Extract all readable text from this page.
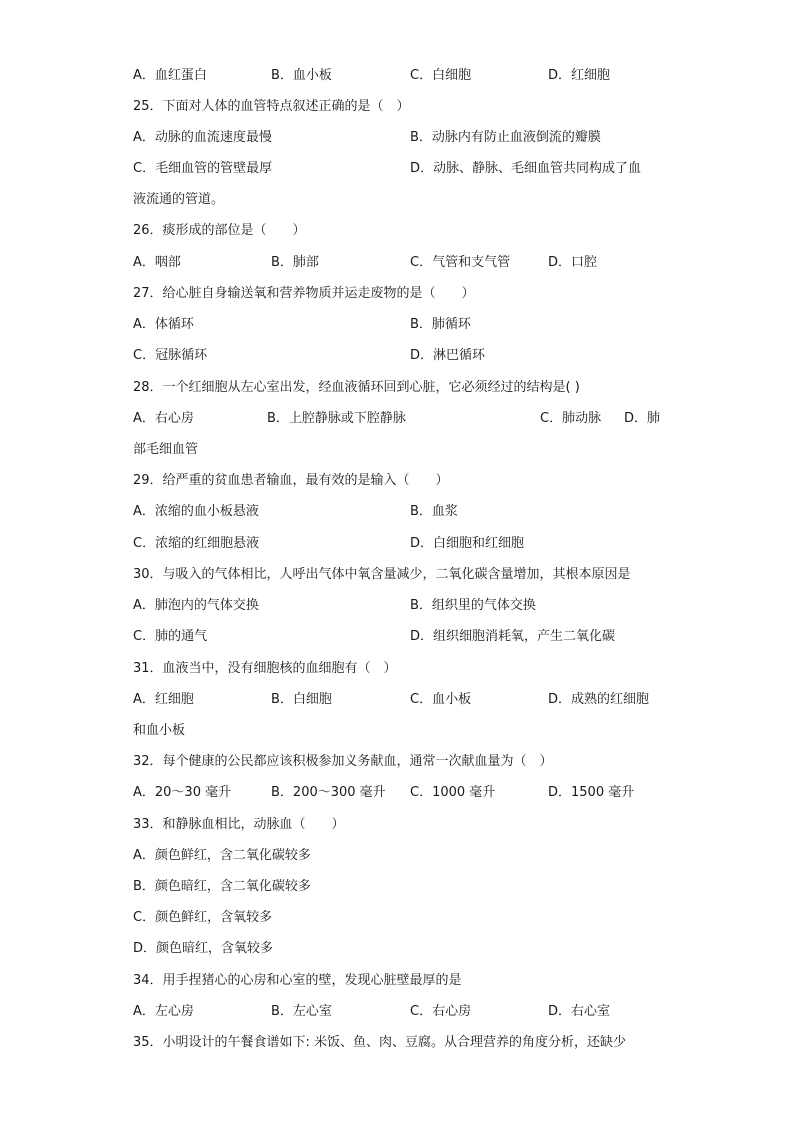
A．血红蛋白	B．血小板	C．白细胞	D．红细胞
25．下面对人体的血管特点叙述正确的是（　）
A．动脉的血流速度最慢	B．动脉内有防止血液倒流的瓣膜
C．毛细血管的管壁最厚	D．动脉、静脉、毛细血管共同构成了血
液流通的管道。
26．痰形成的部位是（　　）
A．咽部	B．肺部	C．气管和支气管	D．口腔
27．给心脏自身输送氧和营养物质并运走废物的是（　　）
A．体循环	B．肺循环
C．冠脉循环	D．淋巴循环
28．一个红细胞从左心室出发，经血液循环回到心脏，它必须经过的结构是( )
A．右心房	B．上腔静脉或下腔静脉	C．肺动脉 D．肺
部毛细血管
29．给严重的贫血患者输血，最有效的是输入（　　）
A．浓缩的血小板悬液	B．血浆
C．浓缩的红细胞悬液	D．白细胞和红细胞
30．与吸入的气体相比，人呼出气体中氧含量减少，二氧化碳含量增加，其根本原因是
A．肺泡内的气体交换	B．组织里的气体交换
C．肺的通气	D．组织细胞消耗氧，产生二氧化碳
31．血液当中，没有细胞核的血细胞有（　）
A．红细胞	B．白细胞	C．血小板	D．成熟的红细胞
和血小板
32．每个健康的公民都应该积极参加义务献血，通常一次献血量为（　）
A．20～30 毫升	B．200～300 毫升 C．1000 毫升	D．1500 毫升
33．和静脉血相比，动脉血（　　）
A．颜色鲜红，含二氧化碳较多
B．颜色暗红，含二氧化碳较多
C．颜色鲜红，含氧较多
D．颜色暗红，含氧较多
34．用手捏猪心的心房和心室的壁，发现心脏壁最厚的是
A．左心房	B．左心室	C．右心房	D．右心室
35．小明设计的午餐食谱如下: 米饭、鱼、肉、豆腐。从合理营养的角度分析，还缺少
